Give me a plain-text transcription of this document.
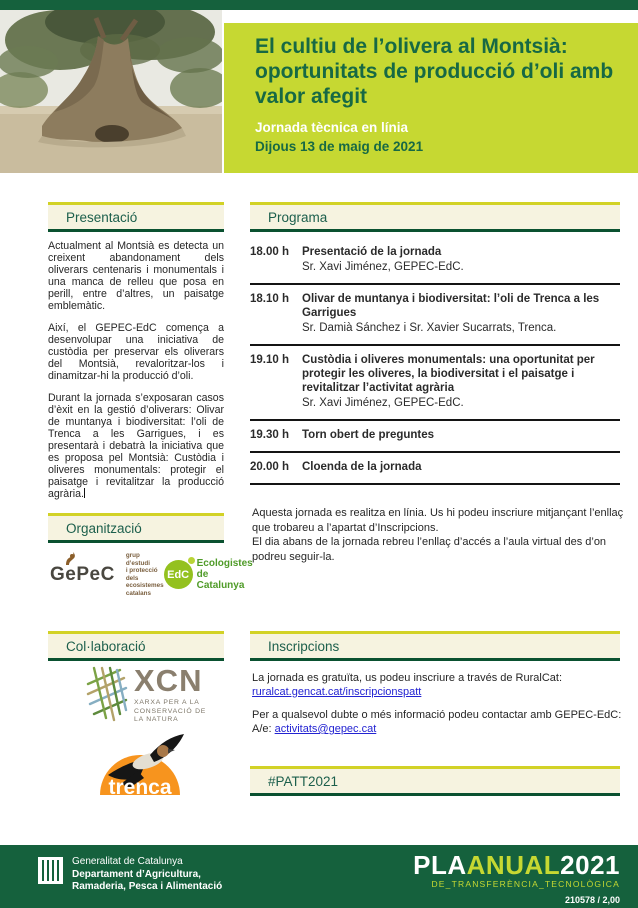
El cultiu de l’olivera al Montsià: oportunitats de producció d’oli amb valor afegit
Jornada tècnica en línia
Dijous 13 de maig de 2021
Presentació

Actualment al Montsià es detecta un creixent abandonament dels oliverars centenaris i monumentals i una manca de relleu que posa en perill, entre d’altres, un paisatge emblemàtic.

Així, el GEPEC-EdC comença a desenvolupar una iniciativa de custòdia per preservar els oliverars del Montsià, revaloritzar-los i dinamitzar-hi la producció d’oli.

Durant la jornada s’exposaran casos d’èxit en la gestió d’oliverars: Olivar de muntanya i biodiversitat: l’oli de Trenca a les Garrigues, i es presentarà i debatrà la iniciativa que es proposa pel Montsià: Custòdia i oliveres monumentals: protegir el paisatge i revitalitzar la producció agrària.

Programa
18.00 h	Presentació de la jornada
Sr. Xavi Jiménez, GEPEC-EdC.
18.10 h	Olivar de muntanya i biodiversitat: l’oli de Trenca a les Garrigues
Sr. Damià Sánchez i Sr. Xavier Sucarrats, Trenca.
19.10 h	Custòdia i oliveres monumentals: una oportunitat per protegir les oliveres, la biodiversitat i el paisatge i revitalitzar l’activitat agrària
Sr. Xavi Jiménez, GEPEC-EdC.
19.30 h	Torn obert de preguntes
20.00 h	Cloenda de la jornada
Aquesta jornada es realitza en línia. Us hi podeu inscriure mitjançant l’enllaç
que trobareu a l’apartat d’Inscripcions.
El dia abans de la jornada rebreu l’enllaç d’accés a l’aula virtual des d’on
podreu seguir-la.
Organització
GePeC
grup d’estudi
i protecció
dels ecosistemes
catalans
EdC
Ecologistes
de Catalunya
Col·laboració
XCN
XARXA PER A LA
CONSERVACIÓ DE
LA NATURA
trenca
Inscripcions
La jornada es gratuïta, us podeu inscriure a través de RuralCat:
ruralcat.gencat.cat/inscripcionspatt
Per a qualsevol dubte o més informació podeu contactar amb GEPEC-EdC:
A/e: activitats@gepec.cat
#PATT2021
Generalitat de Catalunya
Departament d’Agricultura,
Ramaderia, Pesca i Alimentació
PLAANUAL2021
DE_TRANSFERÈNCIA_TECNOLÒGICA
210578 / 2,00
